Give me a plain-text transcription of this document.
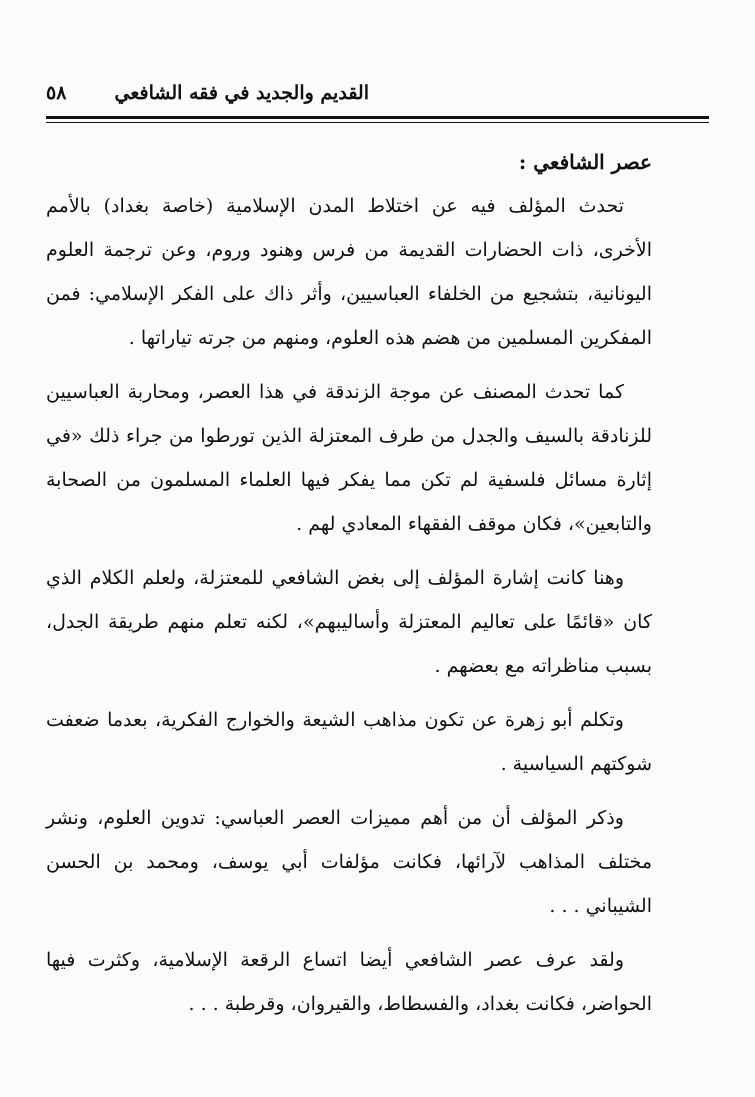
القديم والجديد في فقه الشافعي
٥٨
عصر الشافعي :

تحدث المؤلف فيه عن اختلاط المدن الإسلامية (خاصة بغداد) بالأمم الأخرى، ذات الحضارات القديمة من فرس وهنود وروم، وعن ترجمة العلوم اليونانية، بتشجيع من الخلفاء العباسيين، وأثر ذاك على الفكر الإسلامي: فمن المفكرين المسلمين من هضم هذه العلوم، ومنهم من جرته تياراتها .

كما تحدث المصنف عن موجة الزندقة في هذا العصر، ومحاربة العباسيين للزنادقة بالسيف والجدل من طرف المعتزلة الذين تورطوا من جراء ذلك «في إثارة مسائل فلسفية لم تكن مما يفكر فيها العلماء المسلمون من الصحابة والتابعين»، فكان موقف الفقهاء المعادي لهم .

وهنا كانت إشارة المؤلف إلى بغض الشافعي للمعتزلة، ولعلم الكلام الذي كان «قائمًا على تعاليم المعتزلة وأساليبهم»، لكنه تعلم منهم طريقة الجدل، بسبب مناظراته مع بعضهم .

وتكلم أبو زهرة عن تكون مذاهب الشيعة والخوارج الفكرية، بعدما ضعفت شوكتهم السياسية .

وذكر المؤلف أن من أهم مميزات العصر العباسي: تدوين العلوم، ونشر مختلف المذاهب لآرائها، فكانت مؤلفات أبي يوسف، ومحمد بن الحسن الشيباني . . .

ولقد عرف عصر الشافعي أيضا اتساع الرقعة الإسلامية، وكثرت فيها الحواضر، فكانت بغداد، والفسطاط، والقيروان، وقرطبة . . .
